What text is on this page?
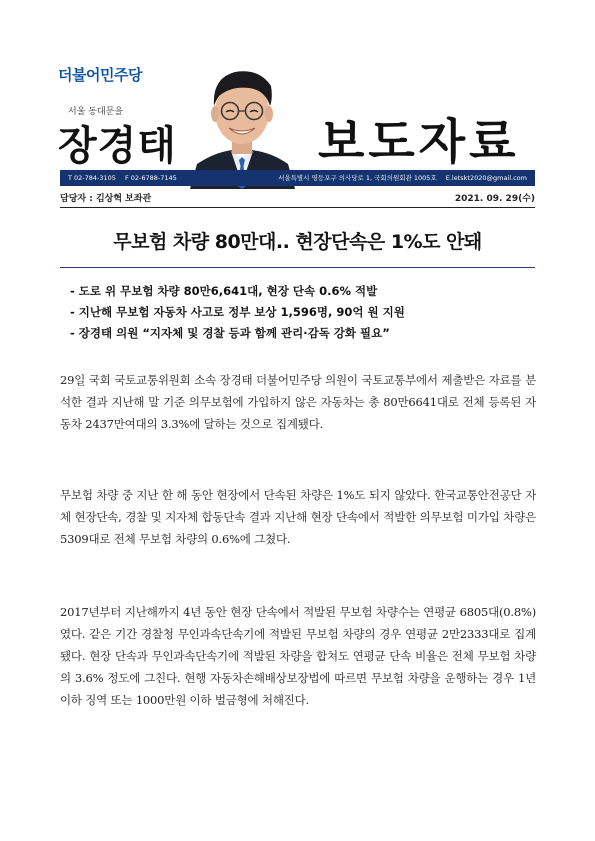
더불어민주당
서울 동대문을
장경태	보도자료
T 02-784-3105 F 02-6788-7145	서울특별시 영등포구 의사당로 1, 국회의원회관 1005호 E.letskt2020@gmail.com
담당자 : 김상혁 보좌관	2021. 09. 29(수)
무보험 차량 80만대.. 현장단속은 1%도 안돼
- 도로 위 무보험 차량 80만6,641대, 현장 단속 0.6% 적발
- 지난해 무보험 자동차 사고로 정부 보상 1,596명, 90억 원 지원
- 장경태 의원 “지자체 및 경찰 등과 함께 관리·감독 강화 필요”

29일 국회 국토교통위원회 소속 장경태 더불어민주당 의원이 국토교통부에서 제출받은 자료를 분석한 결과 지난해 말 기준 의무보험에 가입하지 않은 자동차는 총 80만6641대로 전체 등록된 자동차 2437만여대의 3.3%에 달하는 것으로 집계됐다.

무보험 차량 중 지난 한 해 동안 현장에서 단속된 차량은 1%도 되지 않았다. 한국교통안전공단 자체 현장단속, 경찰 및 지자체 합동단속 결과 지난해 현장 단속에서 적발한 의무보험 미가입 차량은 5309대로 전체 무보험 차량의 0.6%에 그쳤다.

2017년부터 지난해까지 4년 동안 현장 단속에서 적발된 무보험 차량수는 연평균 6805대(0.8%)였다. 같은 기간 경찰청 무인과속단속기에 적발된 무보험 차량의 경우 연평균 2만2333대로 집계됐다. 현장 단속과 무인과속단속기에 적발된 차량을 합쳐도 연평균 단속 비율은 전체 무보험 차량의 3.6% 정도에 그친다. 현행 자동차손해배상보장법에 따르면 무보험 차량을 운행하는 경우 1년 이하 징역 또는 1000만원 이하 벌금형에 처해진다.
